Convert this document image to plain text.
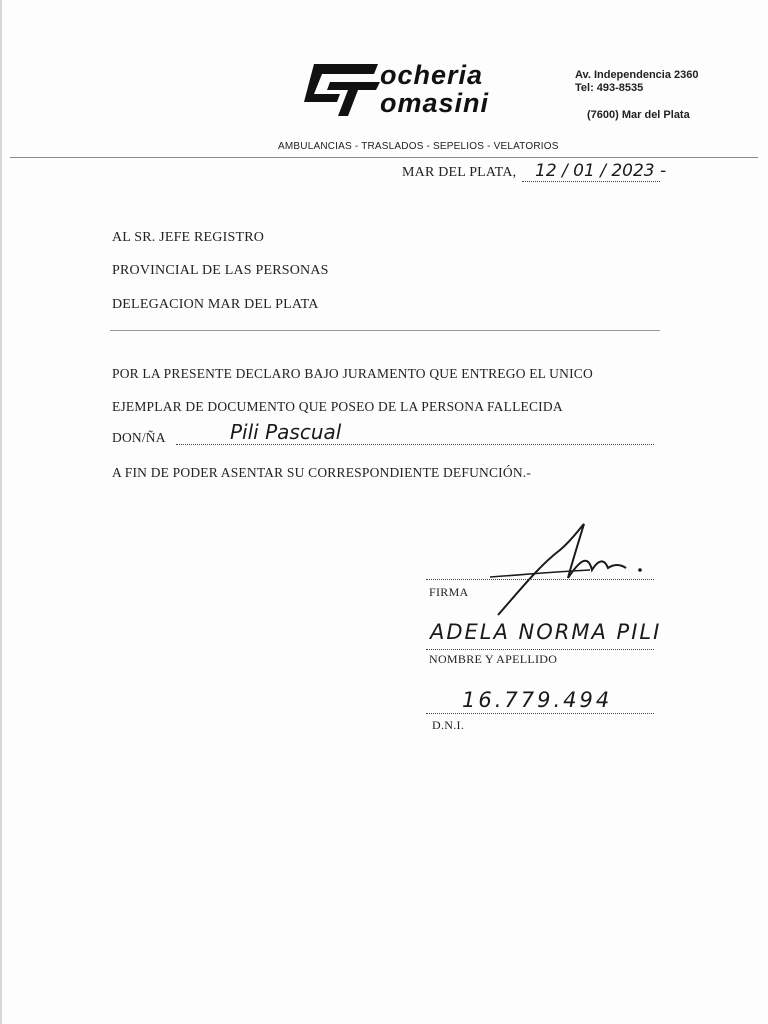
ocheria
omasini
Av. Independencia 2360
Tel: 493-8535
(7600) Mar del Plata
AMBULANCIAS - TRASLADOS - SEPELIOS - VELATORIOS
MAR DEL PLATA, 12 / 01 / 2023 -
AL SR. JEFE REGISTRO
PROVINCIAL DE LAS PERSONAS
DELEGACION MAR DEL PLATA
POR LA PRESENTE DECLARO BAJO JURAMENTO QUE ENTREGO EL UNICO
EJEMPLAR DE DOCUMENTO QUE POSEO DE LA PERSONA FALLECIDA
DON/ÑA	Pili Pascual
A FIN DE PODER ASENTAR SU CORRESPONDIENTE DEFUNCIÓN.-
FIRMA
ADELA NORMA PILI
NOMBRE Y APELLIDO
16.779.494
D.N.I.
